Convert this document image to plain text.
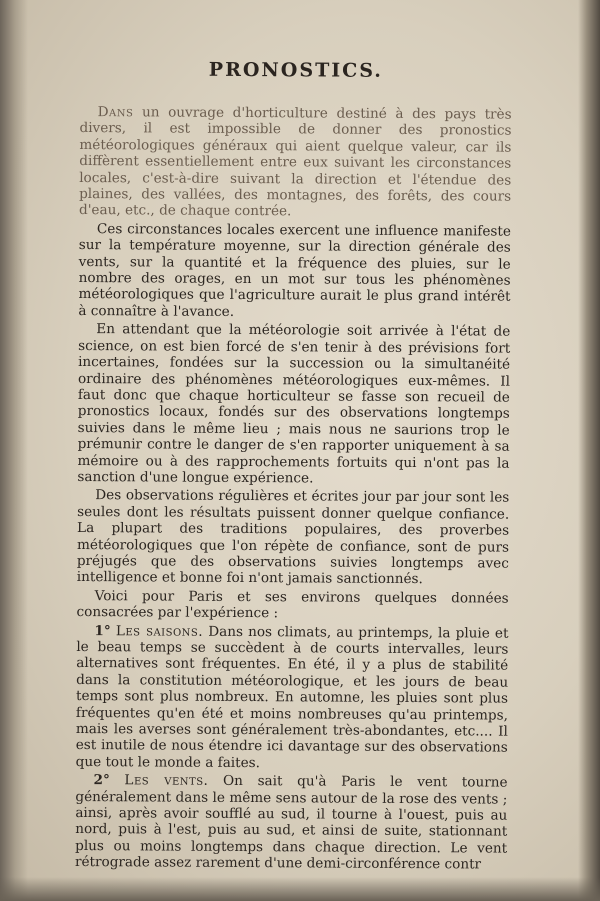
PRONOSTICS.

Dans un ouvrage d'horticulture destiné à des pays très divers, il est impossible de donner des pronostics météorologiques généraux qui aient quelque valeur, car ils diffèrent essentiellement entre eux suivant les circonstances locales, c'est-à-dire suivant la direction et l'étendue des plaines, des vallées, des montagnes, des forêts, des cours d'eau, etc., de chaque contrée.

Ces circonstances locales exercent une influence manifeste sur la température moyenne, sur la direction générale des vents, sur la quantité et la fréquence des pluies, sur le nombre des orages, en un mot sur tous les phénomènes météorologiques que l'agriculture aurait le plus grand intérêt à connaître à l'avance.

En attendant que la météorologie soit arrivée à l'état de science, on est bien forcé de s'en tenir à des prévisions fort incertaines, fondées sur la succession ou la simultanéité ordinaire des phénomènes météorologiques eux-mêmes. Il faut donc que chaque horticulteur se fasse son recueil de pronostics locaux, fondés sur des observations longtemps suivies dans le même lieu ; mais nous ne saurions trop le prémunir contre le danger de s'en rapporter uniquement à sa mémoire ou à des rapprochements fortuits qui n'ont pas la sanction d'une longue expérience.

Des observations régulières et écrites jour par jour sont les seules dont les résultats puissent donner quelque confiance. La plupart des traditions populaires, des proverbes météorologiques que l'on répète de confiance, sont de purs préjugés que des observations suivies longtemps avec intelligence et bonne foi n'ont jamais sanctionnés.

Voici pour Paris et ses environs quelques données consacrées par l'expérience :

1° Les saisons. Dans nos climats, au printemps, la pluie et le beau temps se succèdent à de courts intervalles, leurs alternatives sont fréquentes. En été, il y a plus de stabilité dans la constitution météorologique, et les jours de beau temps sont plus nombreux. En automne, les pluies sont plus fréquentes qu'en été et moins nombreuses qu'au printemps, mais les averses sont généralement très-abondantes, etc.... Il est inutile de nous étendre ici davantage sur des observations que tout le monde a faites.

2° Les vents. On sait qu'à Paris le vent tourne généralement dans le même sens autour de la rose des vents ; ainsi, après avoir soufflé au sud, il tourne à l'ouest, puis au nord, puis à l'est, puis au sud, et ainsi de suite, stationnant plus ou moins longtemps dans chaque direction. Le vent rétrograde assez rarement d'une demi-circonférence contr
